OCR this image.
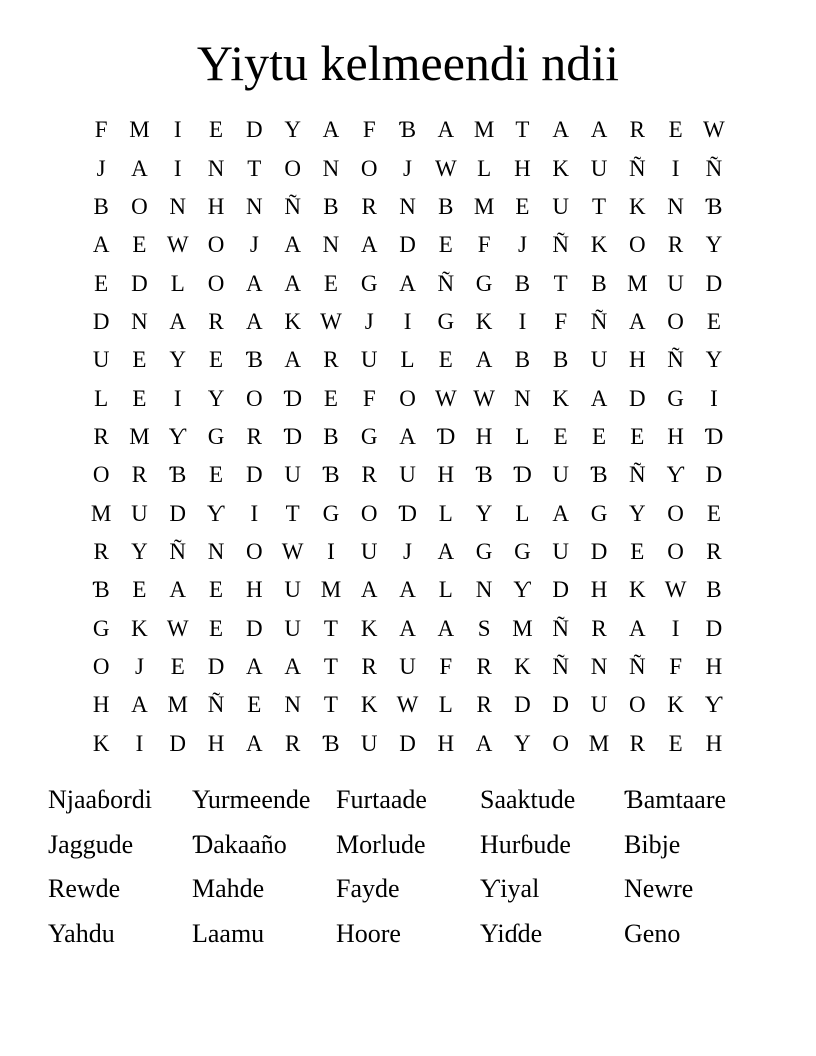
Yiytu kelmeendi ndii
F M	I	E D Y A	F	Ɓ A M T A A R	E W
J	A	I	N T O N O	J W L H K U Ñ	I	Ñ
B O N H N Ñ B R N B M E U T K N Ɓ
A E W O	J	A N A D E	F	J	Ñ K O R Y
E D L O A A E G A Ñ G B	T	B M U D
D N A R A K W J	I	G K	I	F	Ñ A O E
U E Y E Ɓ A R U L	E A B B U H Ñ Y
L	E	I	Y O Ɗ E	F	O W W N K A D G	I
R M Ƴ G R Ɗ B G A Ɗ H L	E	E	E H Ɗ
O R Ɓ E D U Ɓ R U H Ɓ Ɗ U Ɓ Ñ Ƴ D
M U D Ƴ	I	T G O Ɗ L Y L A G Y O E
R Y Ñ N O W	I	U	J	A G G U D E O R
Ɓ E A E H U M A A L N Ƴ D H K W B
G K W E D U T K A A	S M Ñ R A	I	D
O	J	E D A A T	R U	F	R K Ñ N Ñ	F	H
H A M Ñ E N T K W L	R D D U O K Ƴ
K	I	D H A R Ɓ U D H A Y O M R	E H
Njaaɓordi	Yurmeende Furtaade	Saaktude	Ɓamtaare
Jaggude	Ɗakaaño	Morlude	Hurɓude	Bibje
Rewde	Mahde	Fayde	Ƴiyal	Newre
Yahdu	Laamu	Hoore	Yiɗde	Geno
